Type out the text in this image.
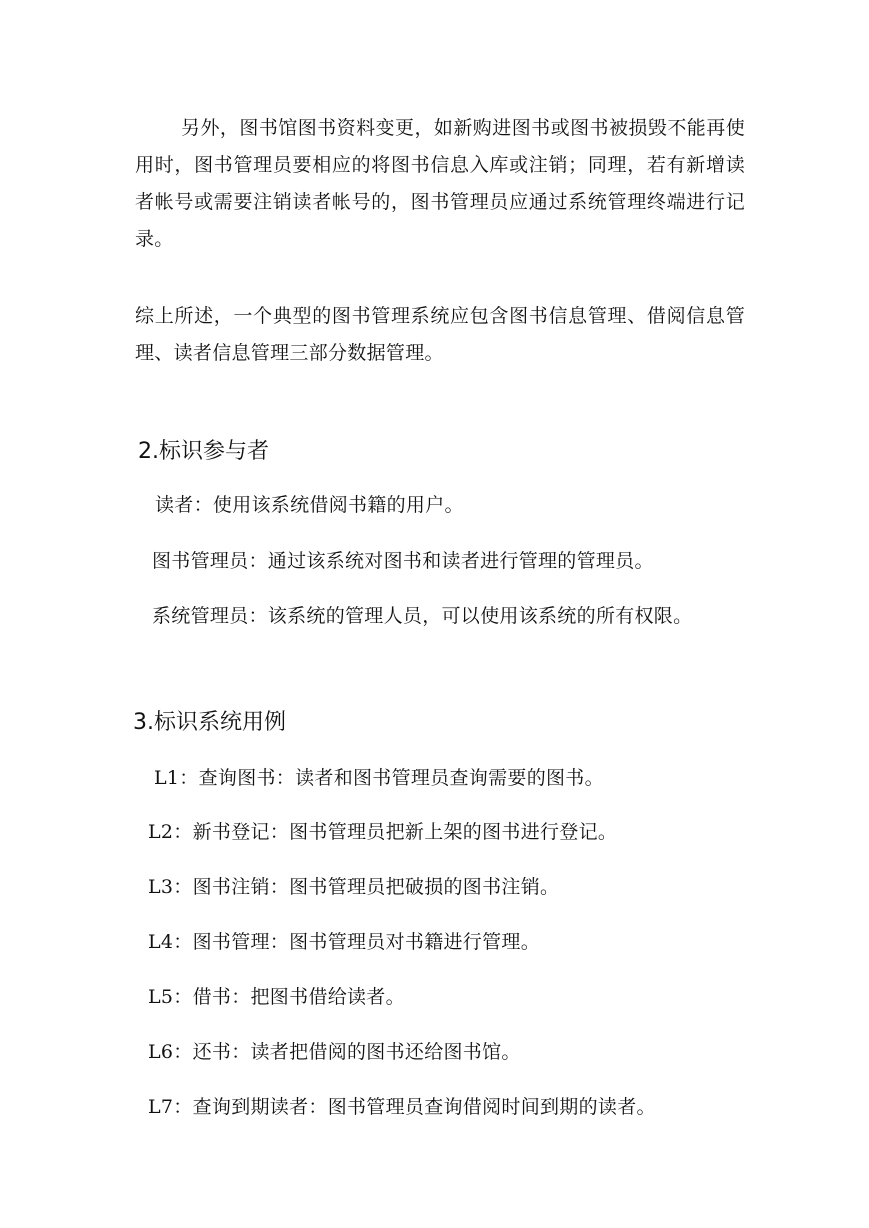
另外，图书馆图书资料变更，如新购进图书或图书被损毁不能再使用时，图书管理员要相应的将图书信息入库或注销；同理，若有新增读者帐号或需要注销读者帐号的，图书管理员应通过系统管理终端进行记录。

综上所述，一个典型的图书管理系统应包含图书信息管理、借阅信息管理、读者信息管理三部分数据管理。

2.标识参与者

读者：使用该系统借阅书籍的用户。

图书管理员：通过该系统对图书和读者进行管理的管理员。

系统管理员：该系统的管理人员，可以使用该系统的所有权限。

3.标识系统用例

L1：查询图书：读者和图书管理员查询需要的图书。

L2：新书登记：图书管理员把新上架的图书进行登记。

L3：图书注销：图书管理员把破损的图书注销。

L4：图书管理：图书管理员对书籍进行管理。

L5：借书：把图书借给读者。

L6：还书：读者把借阅的图书还给图书馆。

L7：查询到期读者：图书管理员查询借阅时间到期的读者。
